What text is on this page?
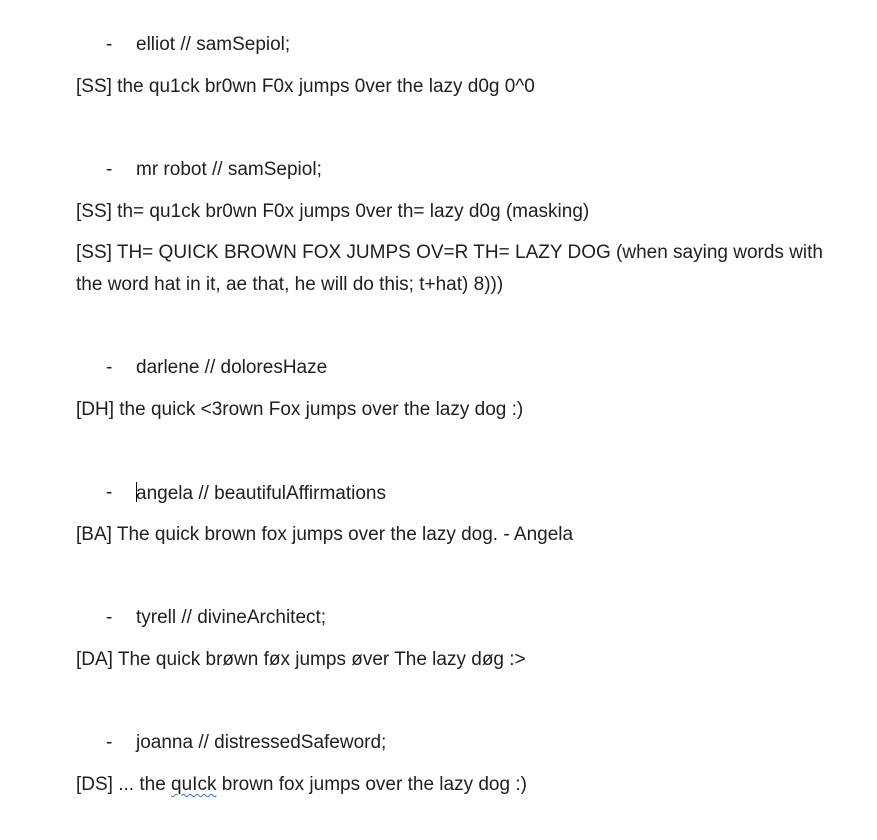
- elliot // samSepiol;
[SS] the qu1ck br0wn F0x jumps 0ver the lazy d0g 0^0
- mr robot // samSepiol;
[SS] th= qu1ck br0wn F0x jumps 0ver th= lazy d0g (masking)
[SS] TH= QUICK BROWN FOX JUMPS OV=R TH= LAZY DOG (when saying words with the word hat in it, ae that, he will do this; t+hat) 8)))
- darlene // doloresHaze
[DH] the quick <3rown Fox jumps over the lazy dog :)
- angela // beautifulAffirmations
[BA] The quick brown fox jumps over the lazy dog. - Angela
- tyrell // divineArchitect;
[DA] The quick brøwn føx jumps øver The lazy døg :>
- joanna // distressedSafeword;
[DS] ... the quIck brown fox jumps over the lazy dog :)
